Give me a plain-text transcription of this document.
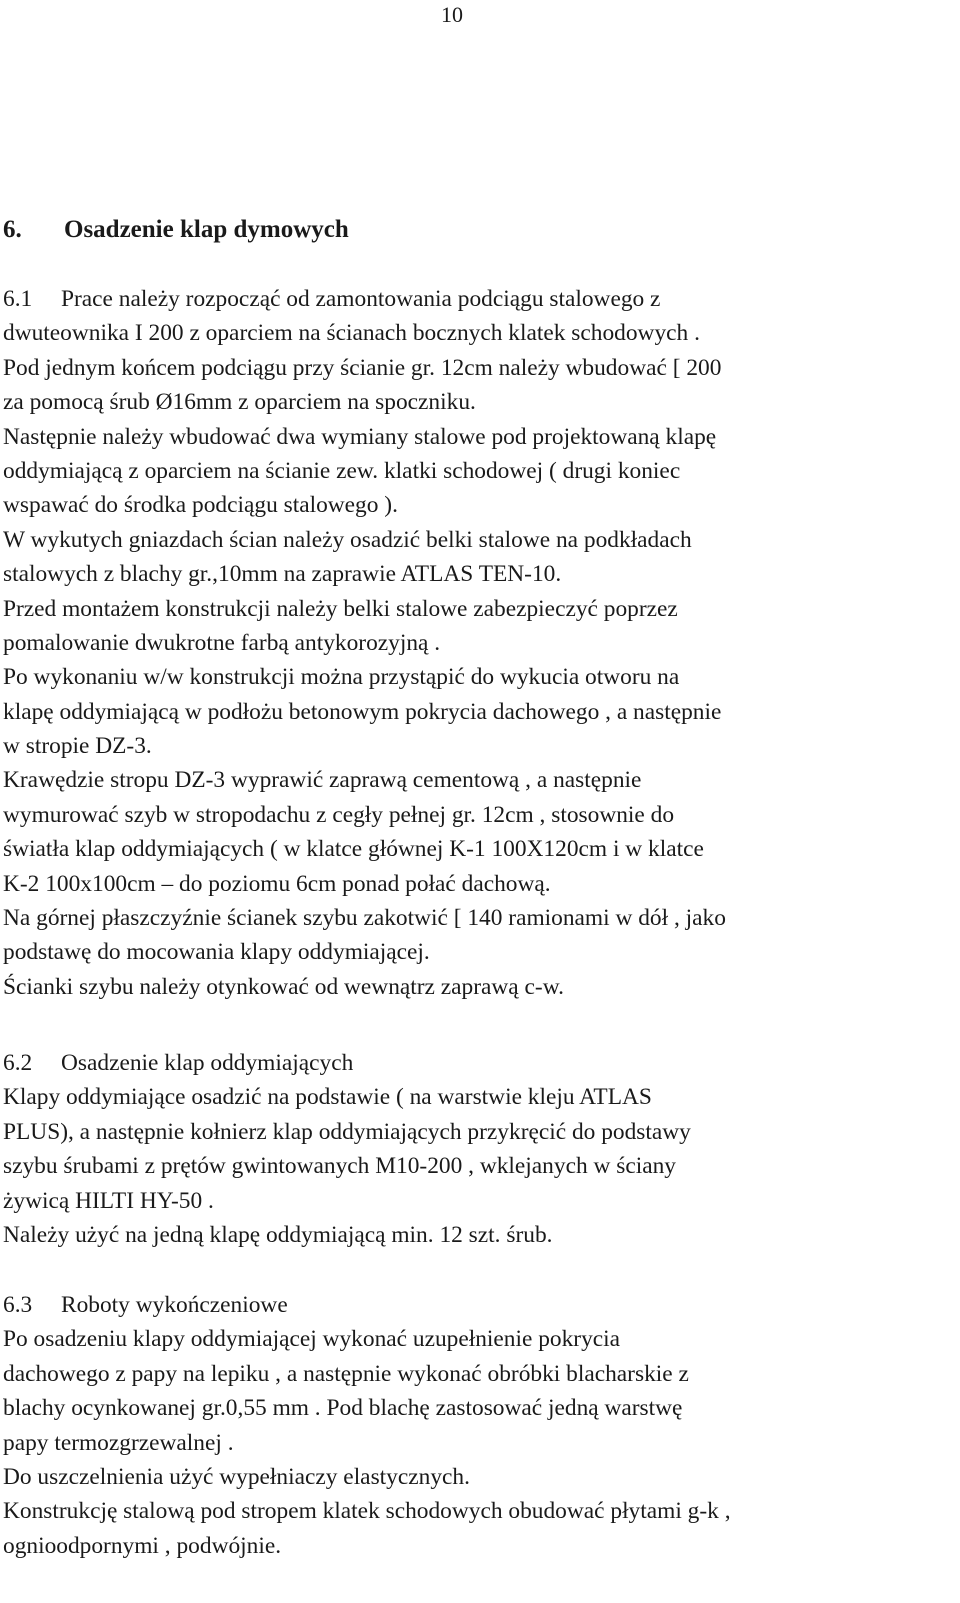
10
6. Osadzenie klap dymowych
6.1 Prace należy rozpocząć od zamontowania podciągu stalowego z
dwuteownika I 200 z oparciem na ścianach bocznych klatek schodowych .
Pod jednym końcem podciągu przy ścianie gr. 12cm należy wbudować [ 200
za pomocą śrub Ø16mm z oparciem na spoczniku.
Następnie należy wbudować dwa wymiany stalowe pod projektowaną klapę
oddymiającą z oparciem na ścianie zew. klatki schodowej ( drugi koniec
wspawać do środka podciągu stalowego ).
W wykutych gniazdach ścian należy osadzić belki stalowe na podkładach
stalowych z blachy gr.,10mm na zaprawie ATLAS TEN-10.
Przed montażem konstrukcji należy belki stalowe zabezpieczyć poprzez
pomalowanie dwukrotne farbą antykorozyjną .
Po wykonaniu w/w konstrukcji można przystąpić do wykucia otworu na
klapę oddymiającą w podłożu betonowym pokrycia dachowego , a następnie
w stropie DZ-3.
Krawędzie stropu DZ-3 wyprawić zaprawą cementową , a następnie
wymurować szyb w stropodachu z cegły pełnej gr. 12cm , stosownie do
światła klap oddymiających ( w klatce głównej K-1 100X120cm i w klatce
K-2 100x100cm – do poziomu 6cm ponad połać dachową.
Na górnej płaszczyźnie ścianek szybu zakotwić [ 140 ramionami w dół , jako
podstawę do mocowania klapy oddymiającej.
Ścianki szybu należy otynkować od wewnątrz zaprawą c-w.
6.2 Osadzenie klap oddymiających
Klapy oddymiające osadzić na podstawie ( na warstwie kleju ATLAS
PLUS), a następnie kołnierz klap oddymiających przykręcić do podstawy
szybu śrubami z prętów gwintowanych M10-200 , wklejanych w ściany
żywicą HILTI HY-50 .
Należy użyć na jedną klapę oddymiającą min. 12 szt. śrub.
6.3 Roboty wykończeniowe
Po osadzeniu klapy oddymiającej wykonać uzupełnienie pokrycia
dachowego z papy na lepiku , a następnie wykonać obróbki blacharskie z
blachy ocynkowanej gr.0,55 mm . Pod blachę zastosować jedną warstwę
papy termozgrzewalnej .
Do uszczelnienia użyć wypełniaczy elastycznych.
Konstrukcję stalową pod stropem klatek schodowych obudować płytami g-k ,
ognioodpornymi , podwójnie.
